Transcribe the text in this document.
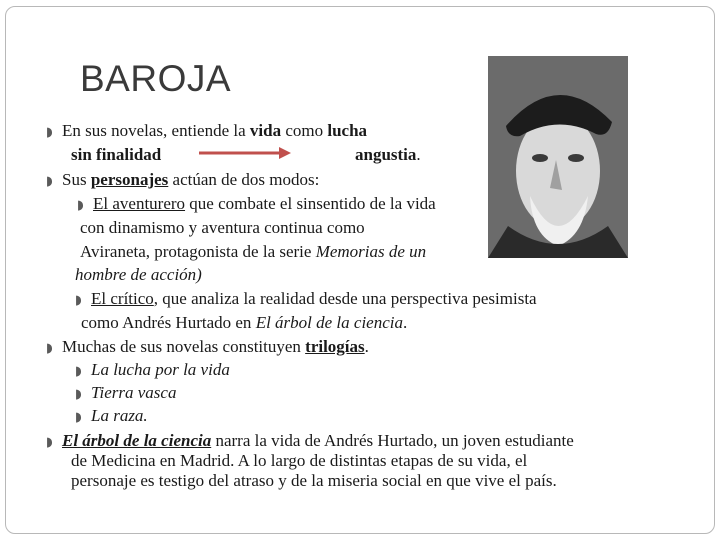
BAROJA
◗ En sus novelas, entiende la vida como lucha
sin finalidad	angustia.
◗ Sus personajes actúan de dos modos:
◗ El aventurero que combate el sinsentido de la vida
con dinamismo y aventura continua como
Aviraneta, protagonista de la serie Memorias de un
hombre de acción)
◗ El crítico, que analiza la realidad desde una perspectiva pesimista
como Andrés Hurtado en El árbol de la ciencia.
◗ Muchas de sus novelas constituyen trilogías.
◗ La lucha por la vida
◗ Tierra vasca
◗ La raza.
◗ El árbol de la ciencia narra la vida de Andrés Hurtado, un joven estudiante
de Medicina en Madrid. A lo largo de distintas etapas de su vida, el
personaje es testigo del atraso y de la miseria social en que vive el país.
